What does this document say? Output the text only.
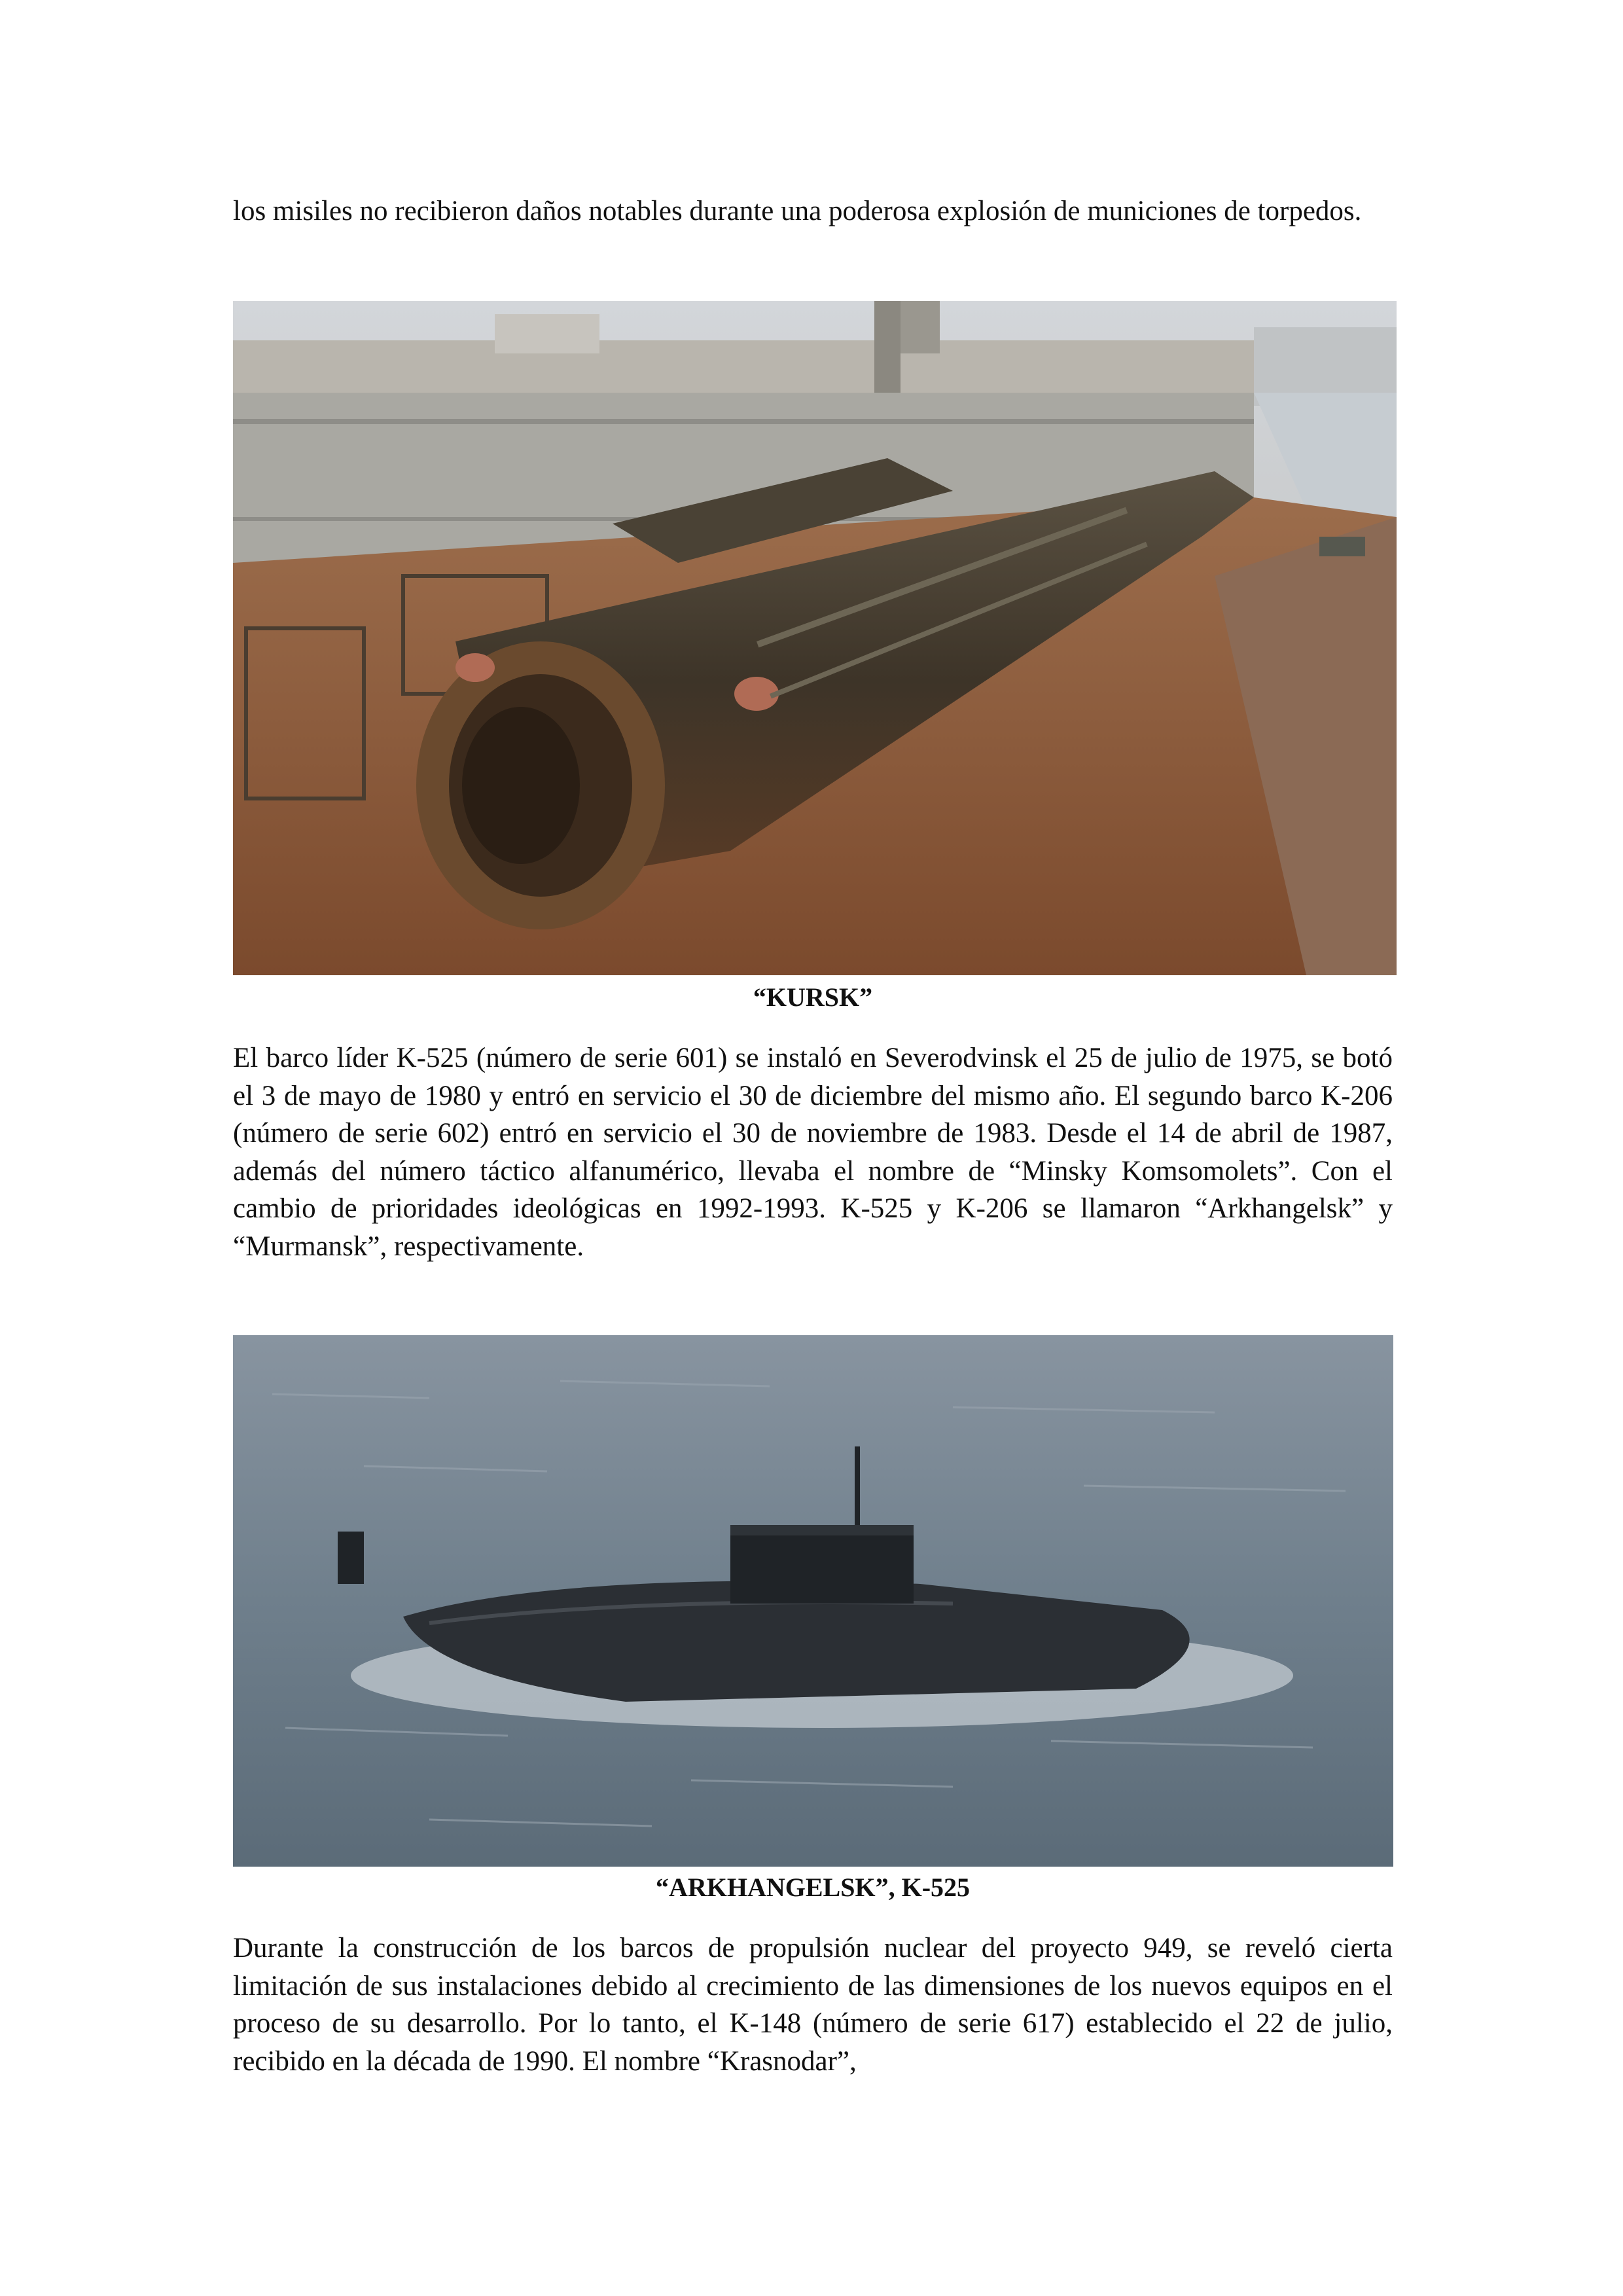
los misiles no recibieron daños notables durante una poderosa explosión de municiones de torpedos.

“KURSK”

El barco líder K-525 (número de serie 601) se instaló en Severodvinsk el 25 de julio de 1975, se botó el 3 de mayo de 1980 y entró en servicio el 30 de diciembre del mismo año. El segundo barco K-206 (número de serie 602) entró en servicio el 30 de noviembre de 1983. Desde el 14 de abril de 1987, además del número táctico alfanumérico, llevaba el nombre de “Minsky Komsomolets”. Con el cambio de prioridades ideológicas en 1992-1993. K-525 y K-206 se llamaron “Arkhangelsk” y “Murmansk”, respectivamente.

“ARKHANGELSK”, K-525

Durante la construcción de los barcos de propulsión nuclear del proyecto 949, se reveló cierta limitación de sus instalaciones debido al crecimiento de las dimensiones de los nuevos equipos en el proceso de su desarrollo. Por lo tanto, el K-148 (número de serie 617) establecido el 22 de julio, recibido en la década de 1990. El nombre “Krasnodar”,
